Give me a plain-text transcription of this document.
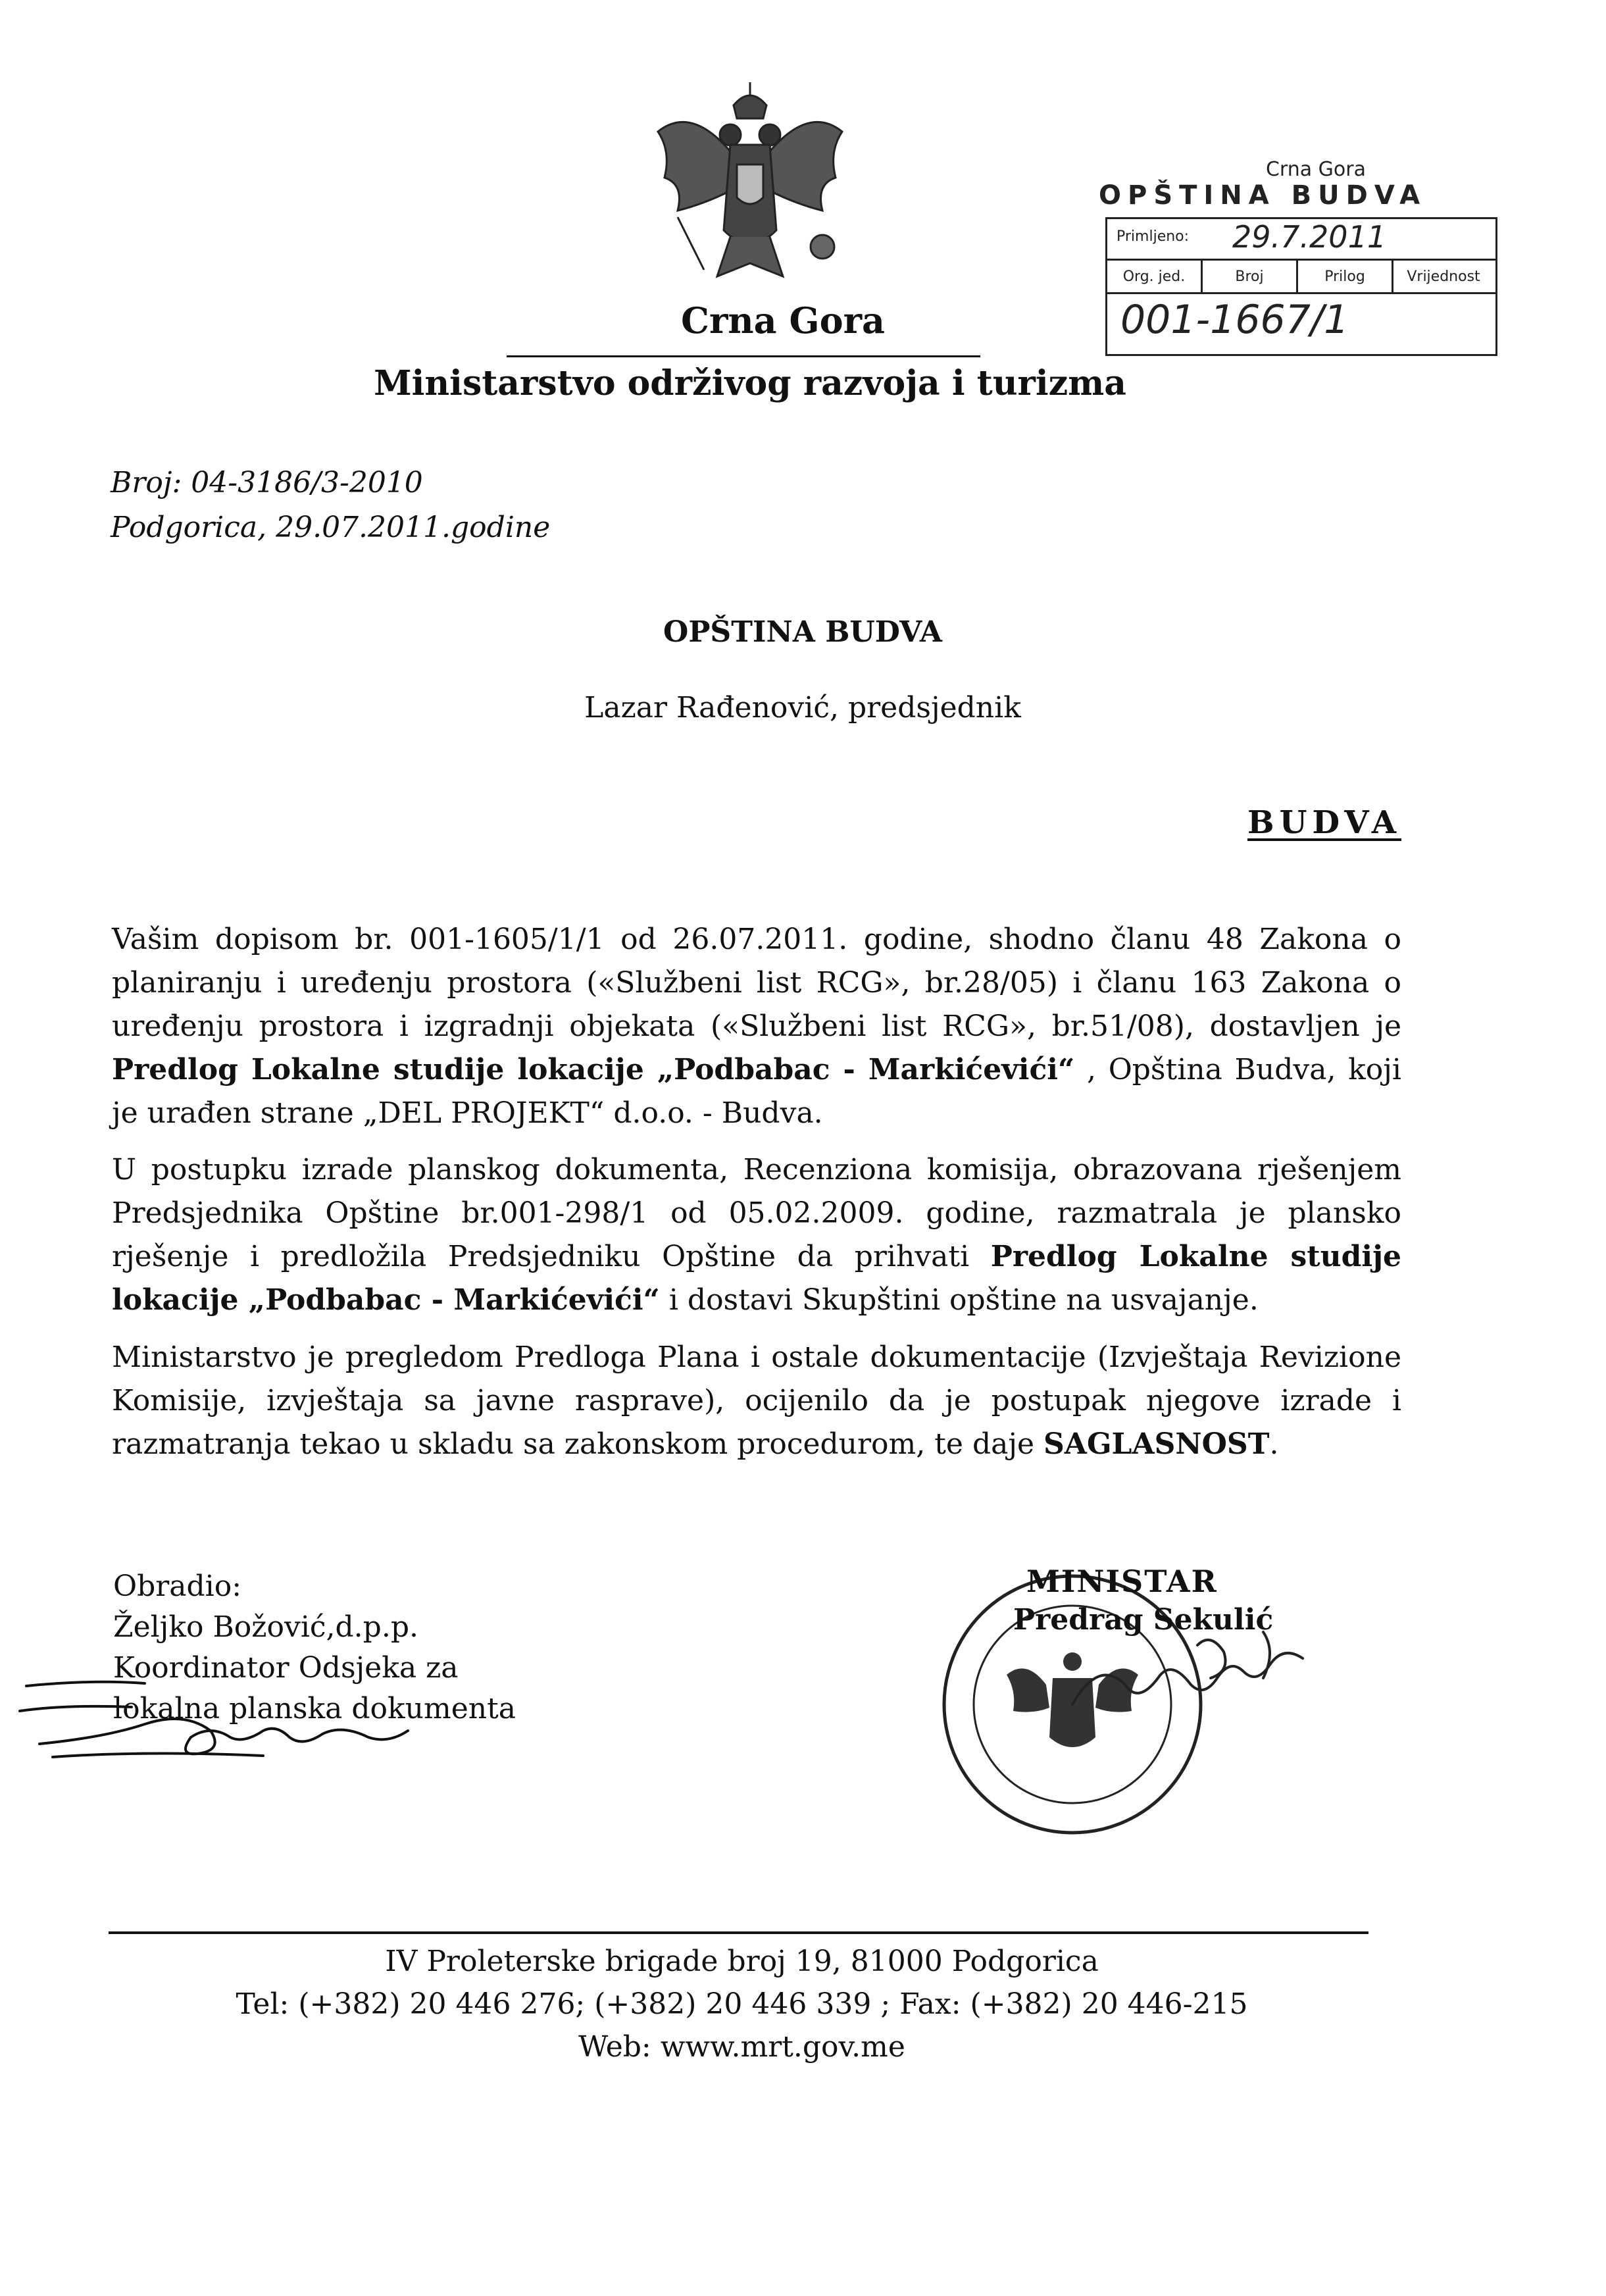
Crna Gora
Ministarstvo održivog razvoja i turizma
Crna Gora
OPŠTINA BUDVA
Primljeno: 29.7.2011
Org. jed.	Broj	Prilog	Vrijednost
001-1667/1
Broj: 04-3186/3-2010
Podgorica, 29.07.2011.godine
OPŠTINA BUDVA
Lazar Rađenović, predsjednik
BUDVA
Vašim dopisom br. 001-1605/1/1 od 26.07.2011. godine, shodno članu 48 Zakona o planiranju i uređenju prostora («Službeni list RCG», br.28/05) i članu 163 Zakona o uređenju prostora i izgradnji objekata («Službeni list RCG», br.51/08), dostavljen je Predlog Lokalne studije lokacije „Podbabac - Markićevići“ , Opština Budva, koji je urađen strane „DEL PROJEKT“ d.o.o. - Budva.
U postupku izrade planskog dokumenta, Recenziona komisija, obrazovana rješenjem Predsjednika Opštine br.001-298/1 od 05.02.2009. godine, razmatrala je plansko rješenje i predložila Predsjedniku Opštine da prihvati Predlog Lokalne studije lokacije „Podbabac - Markićevići“ i dostavi Skupštini opštine na usvajanje.
Ministarstvo je pregledom Predloga Plana i ostale dokumentacije (Izvještaja Revizione Komisije, izvještaja sa javne rasprave), ocijenilo da je postupak njegove izrade i razmatranja tekao u skladu sa zakonskom procedurom, te daje SAGLASNOST.
Obradio:
Željko Božović,d.p.p.
Koordinator Odsjeka za
lokalna planska dokumenta
MINISTAR
Predrag Sekulić
IV Proleterske brigade broj 19, 81000 Podgorica
Tel: (+382) 20 446 276; (+382) 20 446 339 ; Fax: (+382) 20 446-215
Web: www.mrt.gov.me
